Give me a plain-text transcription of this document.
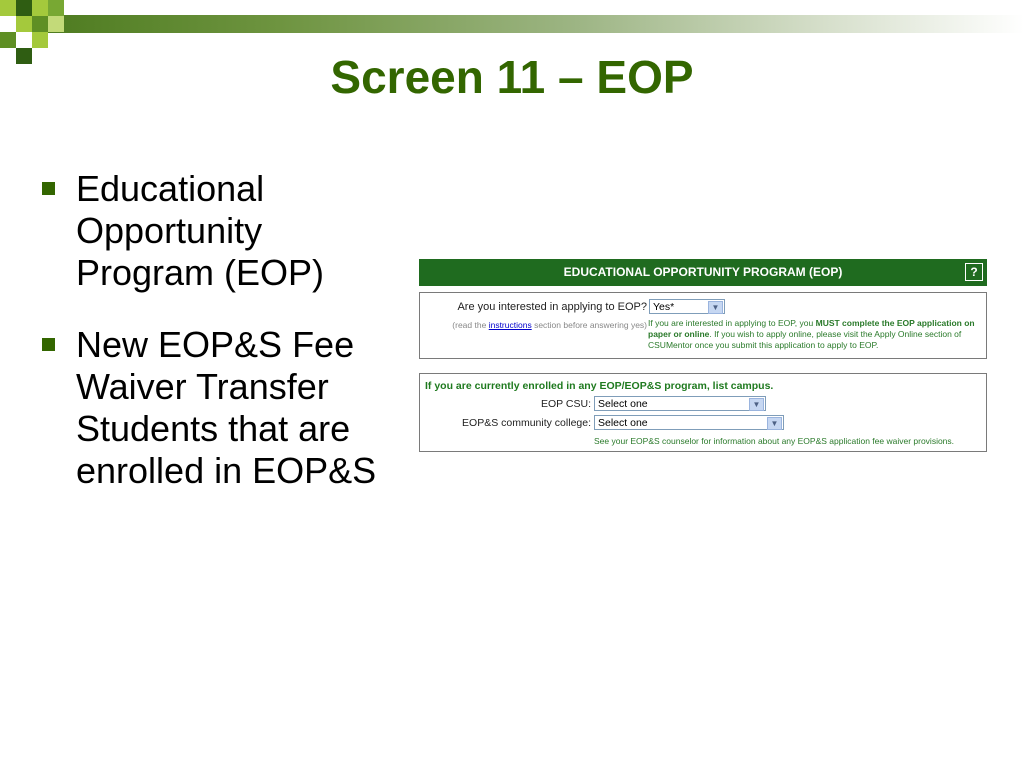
Screen 11 – EOP
Educational Opportunity Program (EOP)
New EOP&S Fee Waiver Transfer Students that are enrolled in EOP&S
EDUCATIONAL OPPORTUNITY PROGRAM (EOP)	?
Are you interested in applying to EOP? Yes*	▼
(read the instructions section before answering yes) If you are interested in applying to EOP, you MUST complete the EOP application on paper or online. If you wish to apply online, please visit the Apply Online section of CSUMentor once you submit this application to apply to EOP.
If you are currently enrolled in any EOP/EOP&S program, list campus.
EOP CSU: Select one	▼
EOP&S community college: Select one	▼
See your EOP&S counselor for information about any EOP&S application fee waiver provisions.
